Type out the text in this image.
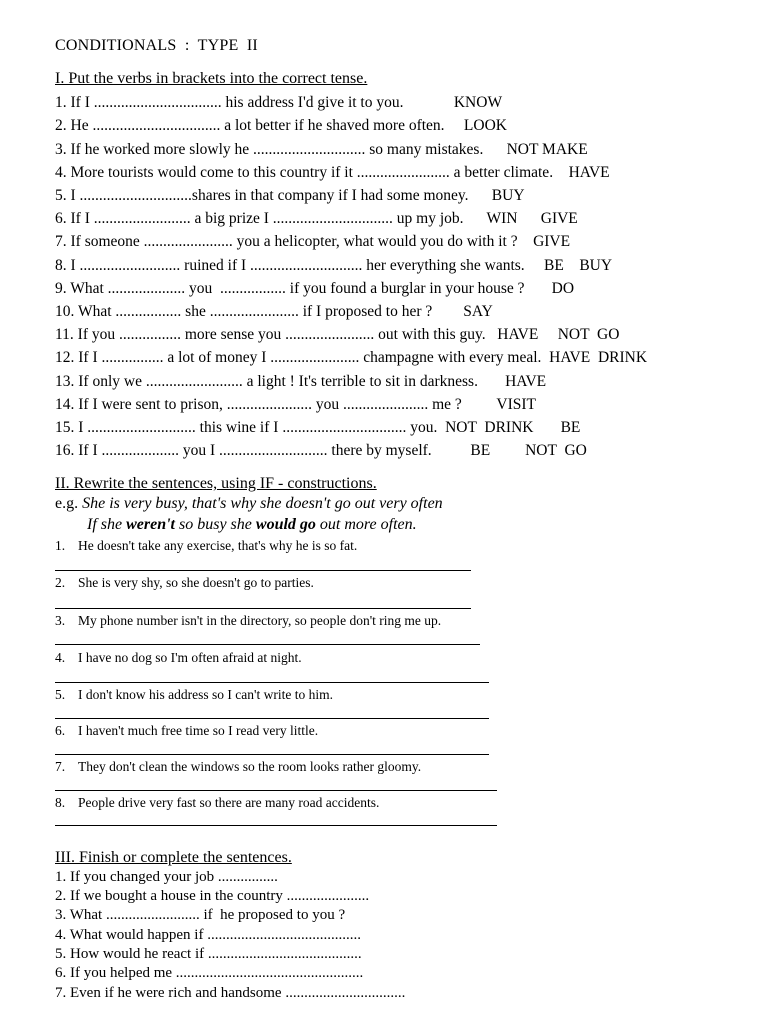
CONDITIONALS  :  TYPE  II
I. Put the verbs in brackets into the correct tense.
1. If I ................................. his address I'd give it to you.             KNOW
2. He ................................. a lot better if he shaved more often.     LOOK
3. If he worked more slowly he ............................. so many mistakes.      NOT MAKE
4. More tourists would come to this country if it ........................ a better climate.    HAVE
5. I .............................shares in that company if I had some money.      BUY
6. If I ......................... a big prize I ............................... up my job.      WIN      GIVE
7. If someone ....................... you a helicopter, what would you do with it ?    GIVE
8. I .......................... ruined if I ............................. her everything she wants.     BE    BUY
9. What .................... you  ................. if you found a burglar in your house ?       DO
10. What ................. she ....................... if I proposed to her ?        SAY
11. If you ................ more sense you ....................... out with this guy.   HAVE     NOT  GO
12. If I ................ a lot of money I ....................... champagne with every meal.  HAVE  DRINK
13. If only we ......................... a light ! It's terrible to sit in darkness.       HAVE
14. If I were sent to prison, ...................... you ...................... me ?         VISIT
15. I ............................ this wine if I ................................ you.  NOT  DRINK       BE
16. If I .................... you I ............................ there by myself.          BE         NOT  GO
II. Rewrite the sentences, using IF - constructions.
e.g. She is very busy, that's why she doesn't go out very often
If she weren't so busy she would go out more often.
1. He doesn't take any exercise, that's why he is so fat.
2. She is very shy, so she doesn't go to parties.
3. My phone number isn't in the directory, so people don't ring me up.
4. I have no dog so I'm often afraid at night.
5. I don't know his address so I can't write to him.
6. I haven't much free time so I read very little.
7. They don't clean the windows so the room looks rather gloomy.
8. People drive very fast so there are many road accidents.
III. Finish or complete the sentences.
1. If you changed your job ................
2. If we bought a house in the country ......................
3. What ......................... if  he proposed to you ?
4. What would happen if .........................................
5. How would he react if .........................................
6. If you helped me ..................................................
7. Even if he were rich and handsome ................................
